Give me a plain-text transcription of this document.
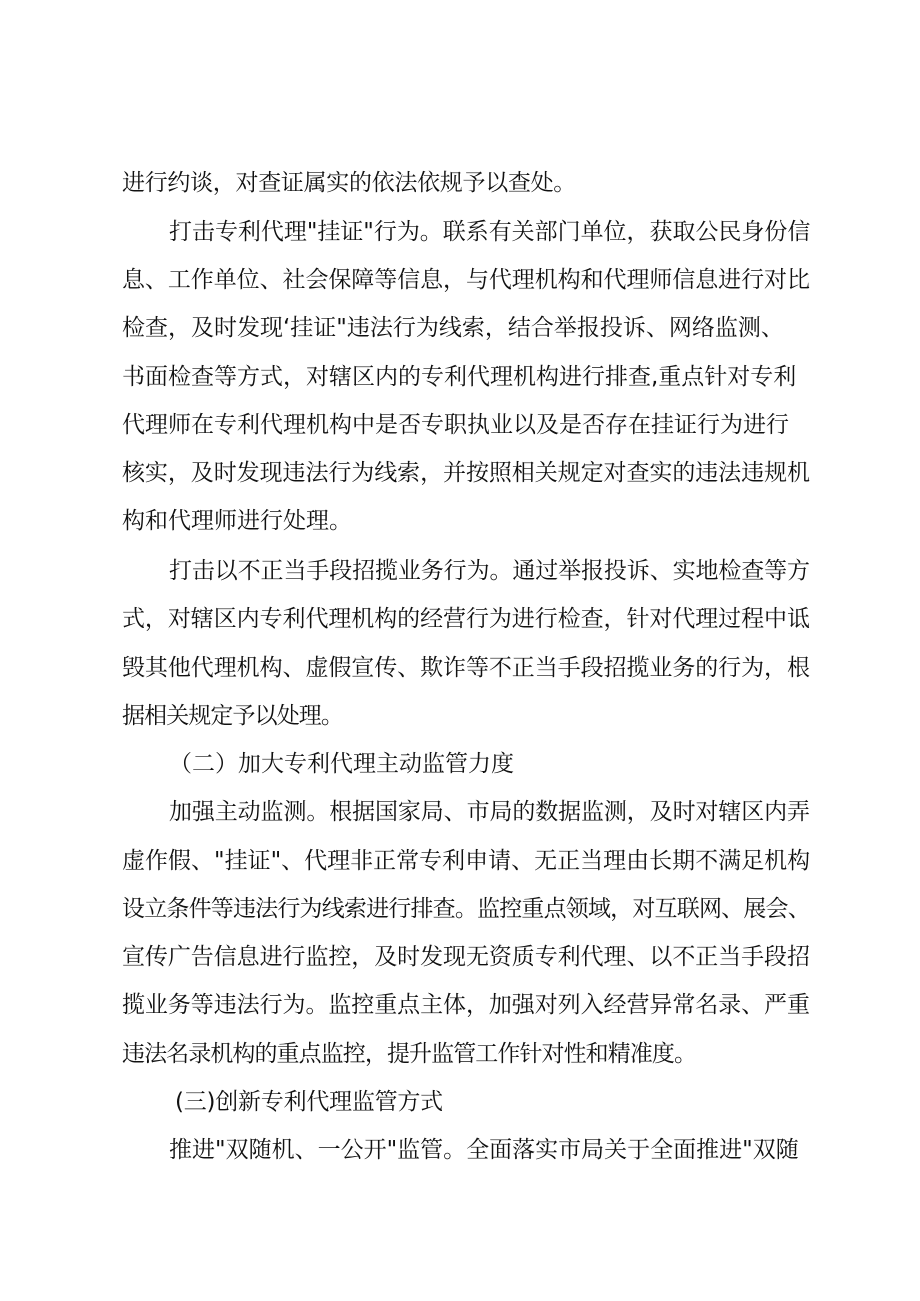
进行约谈，对查证属实的依法依规予以查处。
打击专利代理"挂证"行为。联系有关部门单位，获取公民身份信
息、工作单位、社会保障等信息，与代理机构和代理师信息进行对比
检查，及时发现‘挂证"违法行为线索，结合举报投诉、网络监测、
书面检查等方式，对辖区内的专利代理机构进行排查,重点针对专利
代理师在专利代理机构中是否专职执业以及是否存在挂证行为进行
核实，及时发现违法行为线索，并按照相关规定对查实的违法违规机
构和代理师进行处理。
打击以不正当手段招揽业务行为。通过举报投诉、实地检查等方
式，对辖区内专利代理机构的经营行为进行检查，针对代理过程中诋
毁其他代理机构、虚假宣传、欺诈等不正当手段招揽业务的行为，根
据相关规定予以处理。
（二）加大专利代理主动监管力度
加强主动监测。根据国家局、市局的数据监测，及时对辖区内弄
虚作假、"挂证"、代理非正常专利申请、无正当理由长期不满足机构
设立条件等违法行为线索进行排查。监控重点领域，对互联网、展会、
宣传广告信息进行监控，及时发现无资质专利代理、以不正当手段招
揽业务等违法行为。监控重点主体，加强对列入经营异常名录、严重
违法名录机构的重点监控，提升监管工作针对性和精准度。
(三)创新专利代理监管方式
推进"双随机、一公开"监管。全面落实市局关于全面推进"双随
